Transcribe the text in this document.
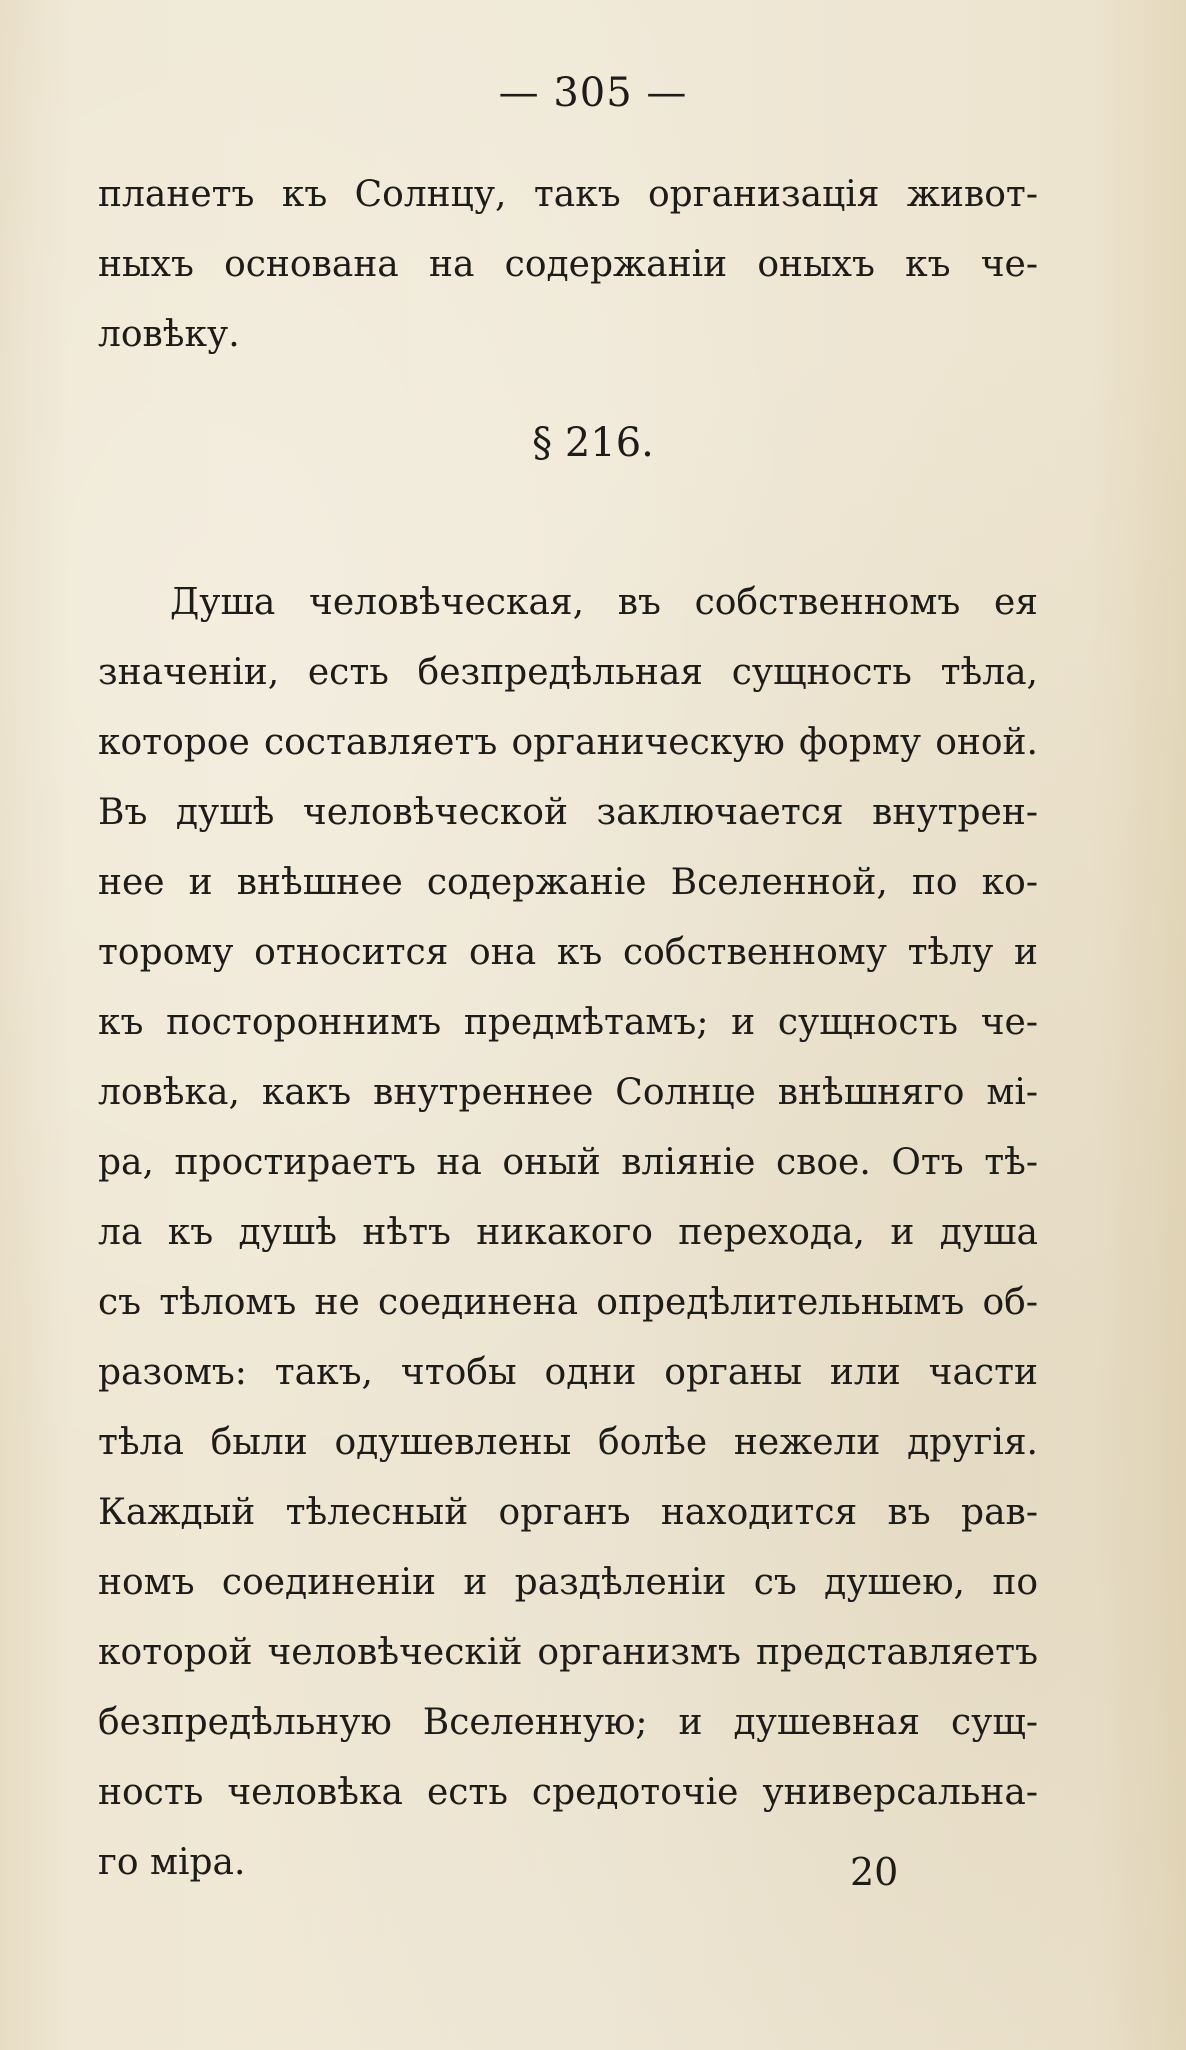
— 305 —
планетъ къ Солнцу, такъ организація живот-
ныхъ основана на содержаніи оныхъ къ че-
ловѣку.
§ 216.
Душа человѣческая, въ собственномъ ея
значеніи, есть безпредѣльная сущность тѣла,
которое составляетъ органическую форму оной.
Въ душѣ человѣческой заключается внутрен-
нее и внѣшнее содержаніе Вселенной, по ко-
торому относится она къ собственному тѣлу и
къ постороннимъ предмѣтамъ; и сущность че-
ловѣка, какъ внутреннее Солнце внѣшняго мі-
ра, простираетъ на оный вліяніе свое. Отъ тѣ-
ла къ душѣ нѣтъ никакого перехода, и душа
съ тѣломъ не соединена опредѣлительнымъ об-
разомъ: такъ, чтобы одни органы или части
тѣла были одушевлены болѣе нежели другія.
Каждый тѣлесный органъ находится въ рав-
номъ соединеніи и раздѣленіи съ душею, по
которой человѣческій организмъ представляетъ
безпредѣльную Вселенную; и душевная сущ-
ность человѣка есть средоточіе универсальна-
го міра.	20
